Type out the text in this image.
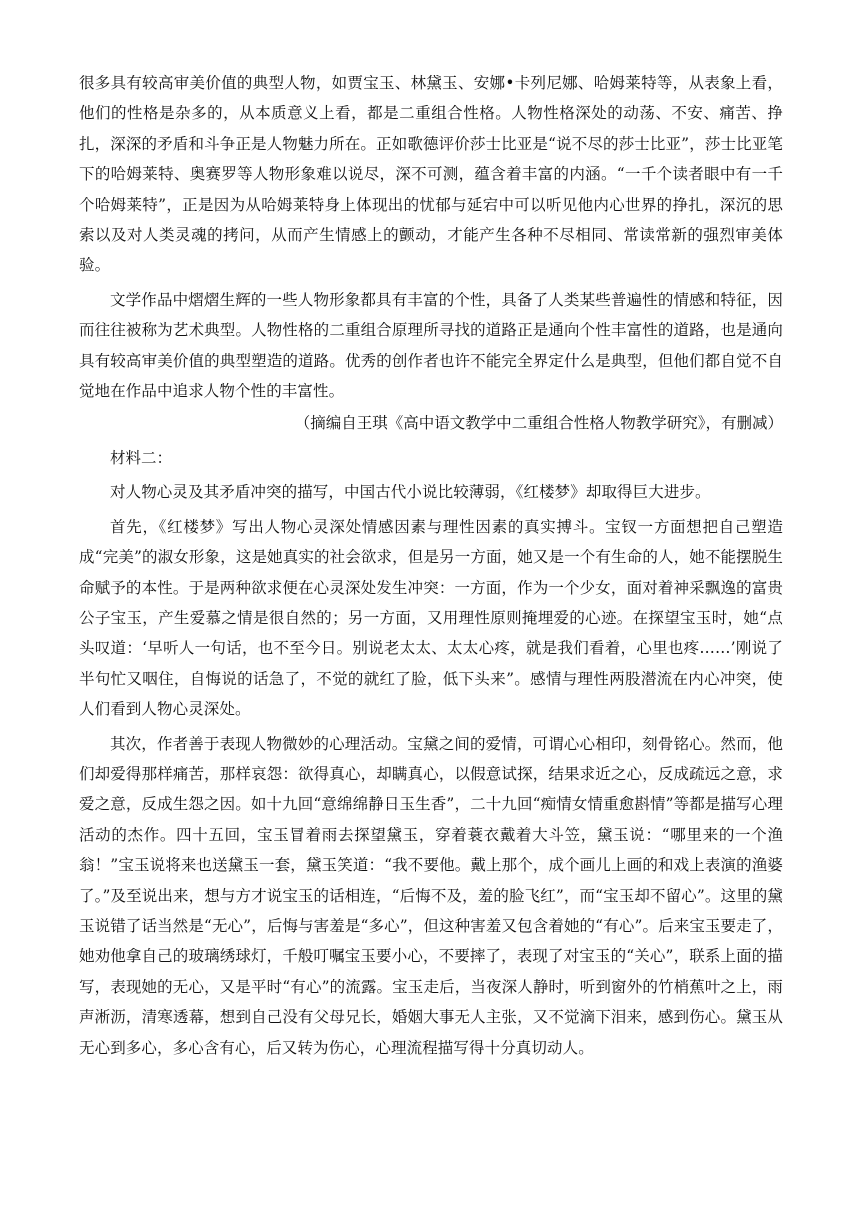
很多具有较高审美价值的典型人物，如贾宝玉、林黛玉、安娜•卡列尼娜、哈姆莱特等，从表象上看，他们的性格是杂多的，从本质意义上看，都是二重组合性格。人物性格深处的动荡、不安、痛苦、挣扎，深深的矛盾和斗争正是人物魅力所在。正如歌德评价莎士比亚是“说不尽的莎士比亚”，莎士比亚笔下的哈姆莱特、奥赛罗等人物形象难以说尽，深不可测，蕴含着丰富的内涵。“一千个读者眼中有一千个哈姆莱特”，正是因为从哈姆莱特身上体现出的忧郁与延宕中可以听见他内心世界的挣扎，深沉的思索以及对人类灵魂的拷问，从而产生情感上的颤动，才能产生各种不尽相同、常读常新的强烈审美体验。

文学作品中熠熠生辉的一些人物形象都具有丰富的个性，具备了人类某些普遍性的情感和特征，因而往往被称为艺术典型。人物性格的二重组合原理所寻找的道路正是通向个性丰富性的道路，也是通向具有较高审美价值的典型塑造的道路。优秀的创作者也许不能完全界定什么是典型，但他们都自觉不自觉地在作品中追求人物个性的丰富性。

（摘编自王琪《高中语文教学中二重组合性格人物教学研究》，有删减）

材料二：

对人物心灵及其矛盾冲突的描写，中国古代小说比较薄弱，《红楼梦》却取得巨大进步。

首先，《红楼梦》写出人物心灵深处情感因素与理性因素的真实搏斗。宝钗一方面想把自己塑造成“完美”的淑女形象，这是她真实的社会欲求，但是另一方面，她又是一个有生命的人，她不能摆脱生命赋予的本性。于是两种欲求便在心灵深处发生冲突：一方面，作为一个少女，面对着神采飘逸的富贵公子宝玉，产生爱慕之情是很自然的；另一方面，又用理性原则掩埋爱的心迹。在探望宝玉时，她“点头叹道：‘早听人一句话，也不至今日。别说老太太、太太心疼，就是我们看着，心里也疼……’刚说了半句忙又咽住，自悔说的话急了，不觉的就红了脸，低下头来”。感情与理性两股潜流在内心冲突，使人们看到人物心灵深处。

其次，作者善于表现人物微妙的心理活动。宝黛之间的爱情，可谓心心相印，刻骨铭心。然而，他们却爱得那样痛苦，那样哀怨：欲得真心，却瞒真心，以假意试探，结果求近之心，反成疏远之意，求爱之意，反成生怨之因。如十九回“意绵绵静日玉生香”，二十九回“痴情女情重愈斟情”等都是描写心理活动的杰作。四十五回，宝玉冒着雨去探望黛玉，穿着蓑衣戴着大斗笠，黛玉说：“哪里来的一个渔翁！”宝玉说将来也送黛玉一套，黛玉笑道：“我不要他。戴上那个，成个画儿上画的和戏上表演的渔婆了。”及至说出来，想与方才说宝玉的话相连，“后悔不及，羞的脸飞红”，而“宝玉却不留心”。这里的黛玉说错了话当然是“无心”，后悔与害羞是“多心”，但这种害羞又包含着她的“有心”。后来宝玉要走了，她劝他拿自己的玻璃绣球灯，千般叮嘱宝玉要小心，不要摔了，表现了对宝玉的“关心”，联系上面的描写，表现她的无心，又是平时“有心”的流露。宝玉走后，当夜深人静时，听到窗外的竹梢蕉叶之上，雨声淅沥，清寒透幕，想到自己没有父母兄长，婚姻大事无人主张，又不觉滴下泪来，感到伤心。黛玉从无心到多心，多心含有心，后又转为伤心，心理流程描写得十分真切动人。
